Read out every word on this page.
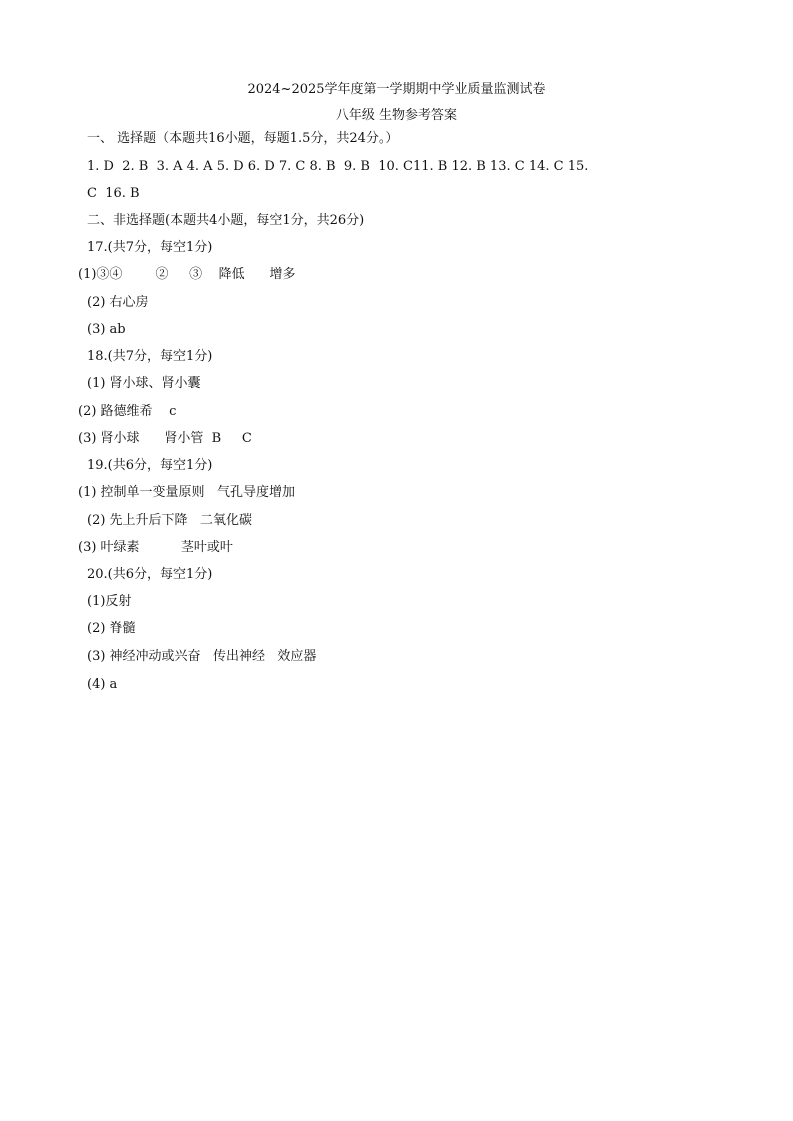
2024~2025学年度第一学期期中学业质量监测试卷
八年级 生物参考答案
一、 选择题（本题共16小题，每题1.5分，共24分。）
1. D  2. B  3. A 4. A 5. D 6. D 7. C 8. B  9. B  10. C11. B 12. B 13. C 14. C 15.
C  16. B
二、非选择题(本题共4小题，每空1分，共26分)
17.(共7分，每空1分)
(1)③④        ②     ③    降低      增多
(2) 右心房
(3) ab
18.(共7分，每空1分)
(1) 肾小球、肾小囊
(2) 路德维希    c
(3) 肾小球      肾小管  B     C
19.(共6分，每空1分)
(1) 控制单一变量原则   气孔导度增加
(2) 先上升后下降   二氧化碳
(3) 叶绿素          茎叶或叶
20.(共6分，每空1分)
(1)反射
(2) 脊髓
(3) 神经冲动或兴奋   传出神经   效应器
(4) a
